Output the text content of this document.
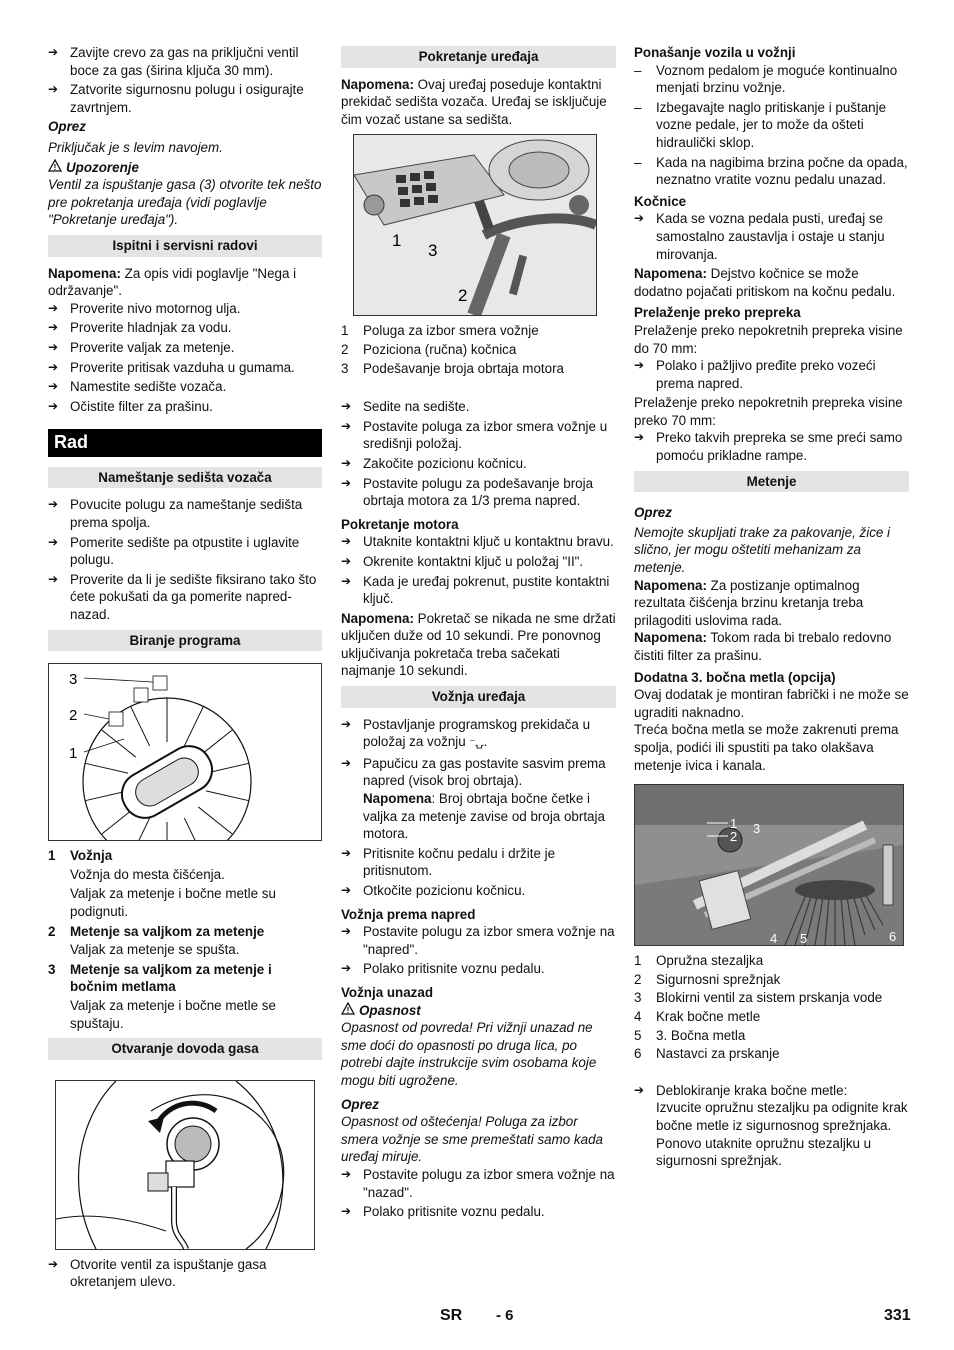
➔ Zavijte crevo za gas na priključni ventil boce za gas (širina ključa 30 mm).
➔ Zatvorite sigurnosnu polugu i osigurajte zavrtnjem.

Oprez

Priključak je s levim navojem.

! Upozorenje

Ventil za ispuštanje gasa (3) otvorite tek nešto pre pokretanja uređaja (vidi poglavlje "Pokretanje uređaja").

Ispitni i servisni radovi

Napomena: Za opis vidi poglavlje "Nega i održavanje".

➔ Proverite nivo motornog ulja.
➔ Proverite hladnjak za vodu.
➔ Proverite valjak za metenje.
➔ Proverite pritisak vazduha u gumama.
➔ Namestite sedište vozača.
➔ Očistite filter za prašinu.
Rad
Nameštanje sedišta vozača
➔ Povucite polugu za nameštanje sedišta prema spolja.
➔ Pomerite sedište pa otpustite i uglavite polugu.
➔ Proverite da li je sedište fiksirano tako što ćete pokušati da ga pomerite napred-nazad.
Biranje programa
3
2
1
1	Vožnja

Vožnja do mesta čišćenja.

Valjak za metenje i bočne metle su podignuti.

2	Metenje sa valjkom za metenje

Valjak za metenje se spušta.

3	Metenje sa valjkom za metenje i bočnim metlama

Valjak za metenje i bočne metle se spuštaju.

Otvaranje dovoda gasa
➔ Otvorite ventil za ispuštanje gasa okretanjem ulevo.
Pokretanje uređaja

Napomena: Ovaj uređaj poseduje kontaktni prekidač sedišta vozača. Uređaj se isključuje čim vozač ustane sa sedišta.

1
3
2
1	Poluga za izbor smera vožnje
2	Poziciona (ručna) kočnica
3	Podešavanje broja obrtaja motora
➔ Sedite na sedište.
➔ Postavite poluga za izbor smera vožnje u središnji položaj.
➔ Zakočite pozicionu kočnicu.
➔ Postavite polugu za podešavanje broja obrtaja motora za 1/3 prema napred.

Pokretanje motora

➔ Utaknite kontaktni ključ u kontaktnu bravu.
➔ Okrenite kontaktni ključ u položaj "II".
➔ Kada je uređaj pokrenut, pustite kontaktni ključ.

Napomena: Pokretač se nikada ne sme držati uključen duže od 10 sekundi. Pre ponovnog uključivanja pokretača treba sačekati najmanje 10 sekundi.

Vožnja uređaja
➔ Postavljanje programskog prekidača u položaj za vožnju ⁻⍽.
➔ Papučicu za gas postavite sasvim prema napred (visok broj obrtaja).
Napomena: Broj obrtaja bočne četke i valjka za metenje zavise od broja obrtaja motora.
➔ Pritisnite kočnu pedalu i držite je pritisnutom.
➔ Otkočite pozicionu kočnicu.

Vožnja prema napred

➔ Postavite polugu za izbor smera vožnje na "napred".
➔ Polako pritisnite voznu pedalu.

Vožnja unazad

! Opasnost

Opasnost od povreda! Pri vižnji unazad ne sme doći do opasnosti po druga lica, po potrebi dajte instrukcije svim osobama koje mogu biti ugrožene.

Oprez

Opasnost od oštećenja! Poluga za izbor smera vožnje se sme premeštati samo kada uređaj miruje.

➔ Postavite polugu za izbor smera vožnje na "nazad".
➔ Polako pritisnite voznu pedalu.

Ponašanje vozila u vožnji

–	Voznom pedalom je moguće kontinualno menjati brzinu vožnje.
–	Izbegavajte naglo pritiskanje i puštanje vozne pedale, jer to može da ošteti hidraulički sklop.
–	Kada na nagibima brzina počne da opada, neznatno vratite voznu pedalu unazad.

Kočnice

➔ Kada se vozna pedala pusti, uređaj se samostalno zaustavlja i ostaje u stanju mirovanja.

Napomena: Dejstvo kočnice se može dodatno pojačati pritiskom na kočnu pedalu.

Prelaženje preko prepreka

Prelaženje preko nepokretnih prepreka visine do 70 mm:

➔ Polako i pažljivo pređite preko vozeći prema napred.

Prelaženje preko nepokretnih prepreka visine preko 70 mm:

➔ Preko takvih prepreka se sme preći samo pomoću prikladne rampe.
Metenje

Oprez

Nemojte skupljati trake za pakovanje, žice i slično, jer mogu oštetiti mehanizam za metenje.

Napomena: Za postizanje optimalnog rezultata čišćenja brzinu kretanja treba prilagoditi uslovima rada.

Napomena: Tokom rada bi trebalo redovno čistiti filter za prašinu.

Dodatna 3. bočna metla (opcija)

Ovaj dodatak je montiran fabrički i ne može se ugraditi naknadno.

Treća bočna metla se može zakrenuti prema spolja, podići ili spustiti pa tako olakšava metenje ivica i kanala.

1
2
3
4 5	6
1	Opružna stezaljka
2	Sigurnosni sprežnjak
3	Blokirni ventil za sistem prskanja vode
4	Krak bočne metle
5	3. Bočna metla
6	Nastavci za prskanje
➔ Deblokiranje kraka bočne metle:
Izvucite opružnu stezaljku pa odignite krak bočne metle iz sigurnosnog sprežnjaka.
Ponovo utaknite opružnu stezaljku u sigurnosni sprežnjak.
SR - 6	331
